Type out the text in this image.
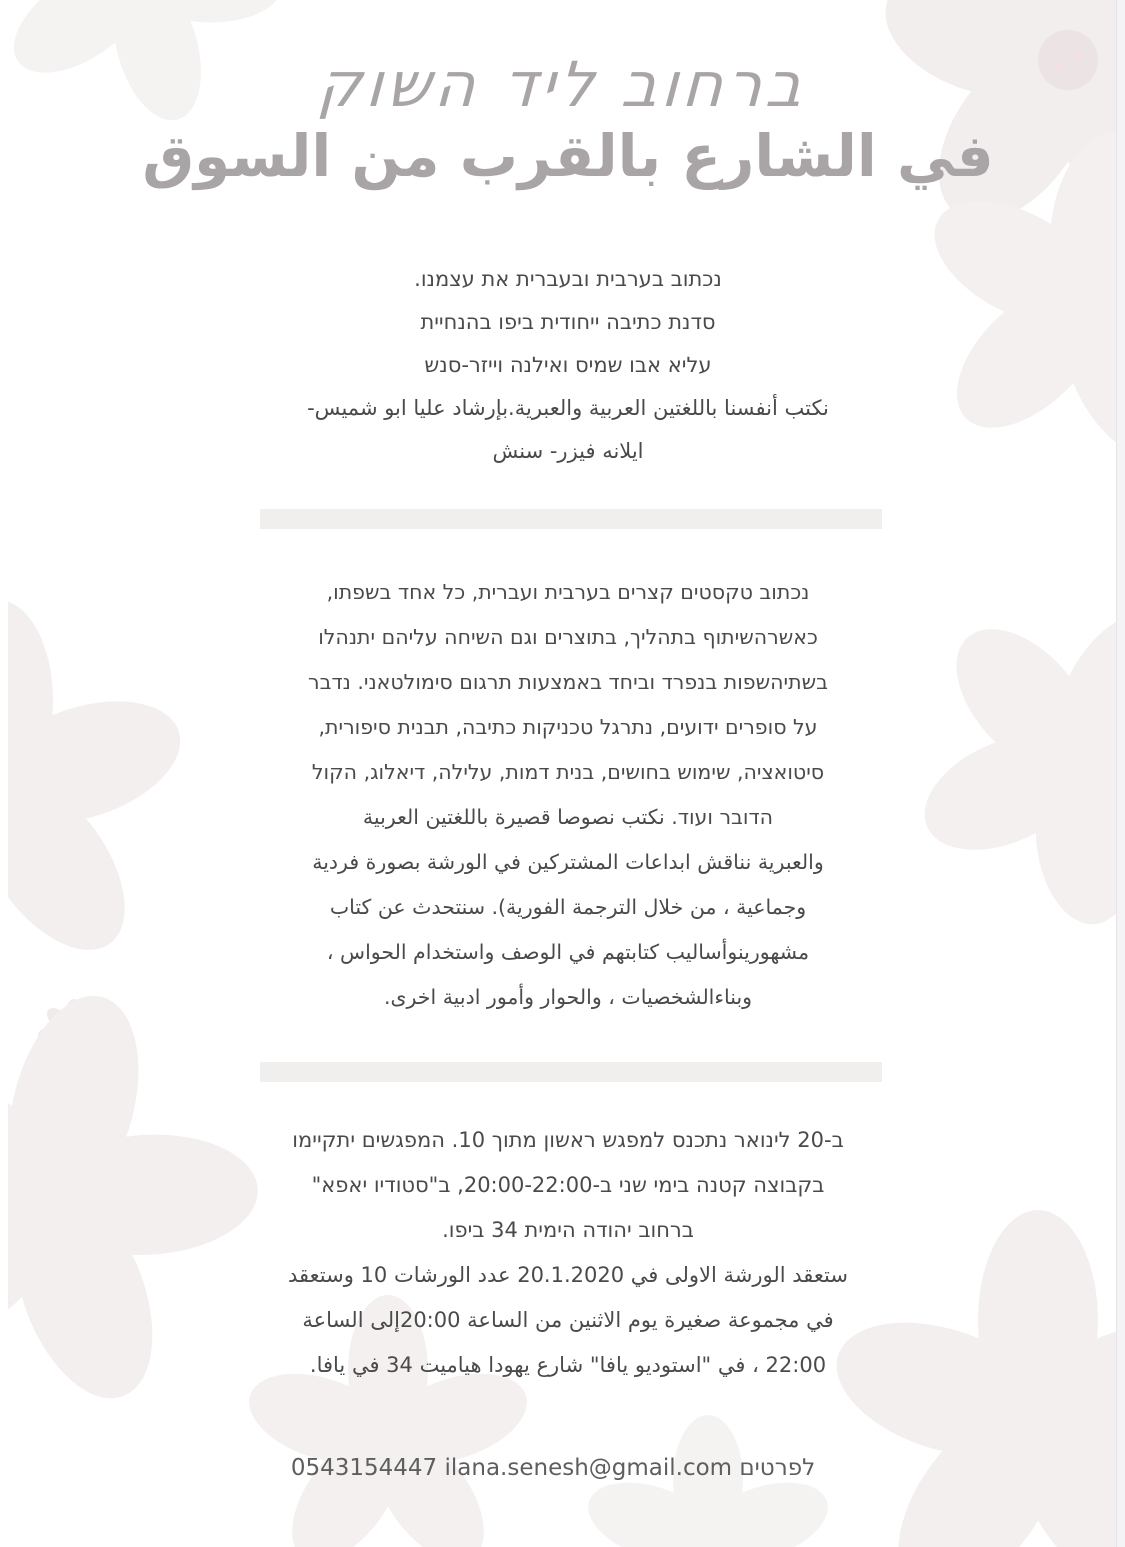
ברחוב ליד השוק
في الشارع بالقرب من السوق
נכתוב בערבית ובעברית את עצמנו.
סדנת כתיבה ייחודית ביפו בהנחיית
עליא אבו שמיס ואילנה וייזר-סנש
نكتب أنفسنا باللغتين العربية والعبرية.بإرشاد عليا ابو شميس-
ايلانه فيزر- سنش
נכתוב טקסטים קצרים בערבית ועברית, כל אחד בשפתו,
כאשרהשיתוף בתהליך, בתוצרים וגם השיחה עליהם יתנהלו
בשתיהשפות בנפרד וביחד באמצעות תרגום סימולטאני. נדבר
על סופרים ידועים, נתרגל טכניקות כתיבה, תבנית סיפורית,
סיטואציה, שימוש בחושים, בנית דמות, עלילה, דיאלוג, הקול
הדובר ועוד. نكتب نصوصا قصيرة باللغتين العربية
والعبرية نناقش ابداعات المشتركين في الورشة بصورة فردية
وجماعية ، من خلال الترجمة الفورية). سنتحدث عن كتاب
مشهورينوأساليب كتابتهم في الوصف واستخدام الحواس ،
وبناءالشخصيات ، والحوار وأمور ادبية اخرى.
ב-20 לינואר נתכנס למפגש ראשון מתוך 10. המפגשים יתקיימו
בקבוצה קטנה בימי שני ב-20:00-22:00, ב"סטודיו יאפא"
ברחוב יהודה הימית 34 ביפו.
ستعقد الورشة الاولى في 20.1.2020 عدد الورشات 10 وستعقد
في مجموعة صغيرة يوم الاثنين من الساعة 20:00إلى الساعة
22:00 ، في "استوديو يافا" شارع يهودا هياميت 34 في يافا.
0543154447 ilana.senesh@gmail.com לפרטים
